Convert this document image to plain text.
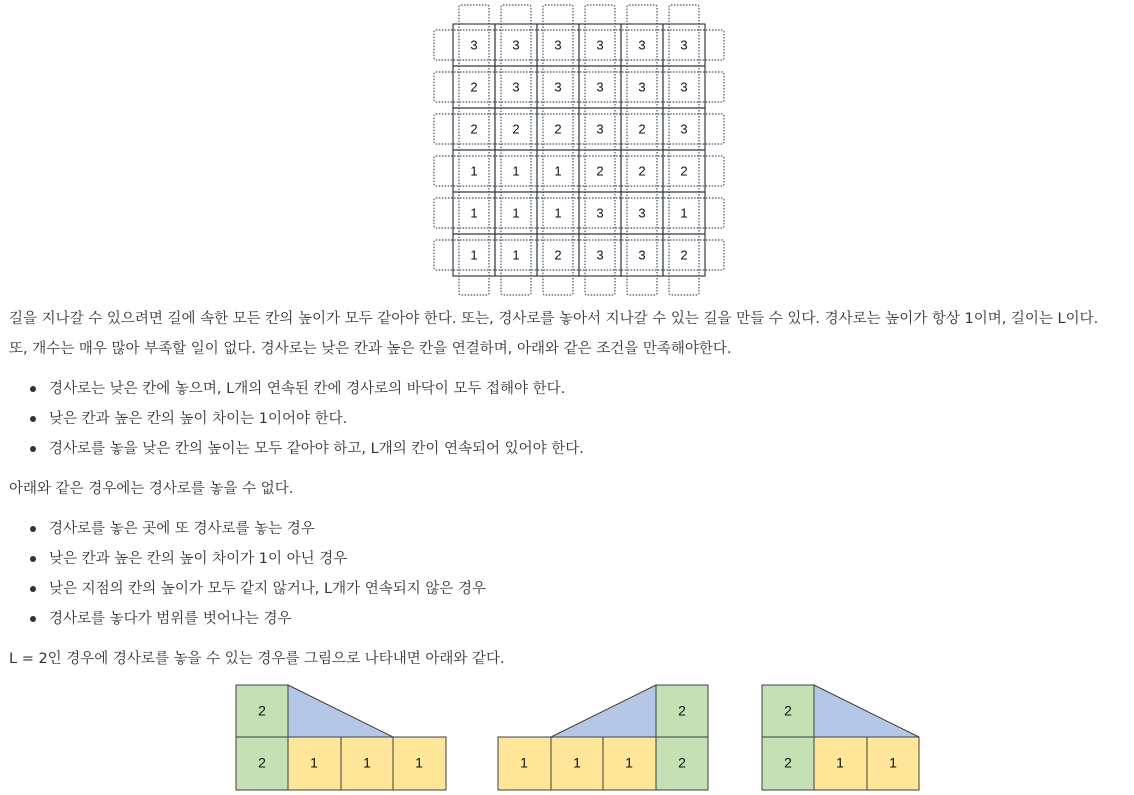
3	3	3	3	3	3
2	3	3	3	3	3
2	2	2	3	2	3
1	1	1	2	2	2
1	1	1	3	3	1
1	1	2	3	3	2

길을 지나갈 수 있으려면 길에 속한 모든 칸의 높이가 모두 같아야 한다. 또는, 경사로를 놓아서 지나갈 수 있는 길을 만들 수 있다. 경사로는 높이가 항상 1이며, 길이는 L이다.

또, 개수는 매우 많아 부족할 일이 없다. 경사로는 낮은 칸과 높은 칸을 연결하며, 아래와 같은 조건을 만족해야한다.

경사로는 낮은 칸에 놓으며, L개의 연속된 칸에 경사로의 바닥이 모두 접해야 한다.
낮은 칸과 높은 칸의 높이 차이는 1이어야 한다.
경사로를 놓을 낮은 칸의 높이는 모두 같아야 하고, L개의 칸이 연속되어 있어야 한다.

아래와 같은 경우에는 경사로를 놓을 수 없다.

경사로를 놓은 곳에 또 경사로를 놓는 경우
낮은 칸과 높은 칸의 높이 차이가 1이 아닌 경우
낮은 지점의 칸의 높이가 모두 같지 않거나, L개가 연속되지 않은 경우
경사로를 놓다가 범위를 벗어나는 경우

L = 2인 경우에 경사로를 놓을 수 있는 경우를 그림으로 나타내면 아래와 같다.

2
2	1	1	1
2
1	1	1	2
2
2	1	1
